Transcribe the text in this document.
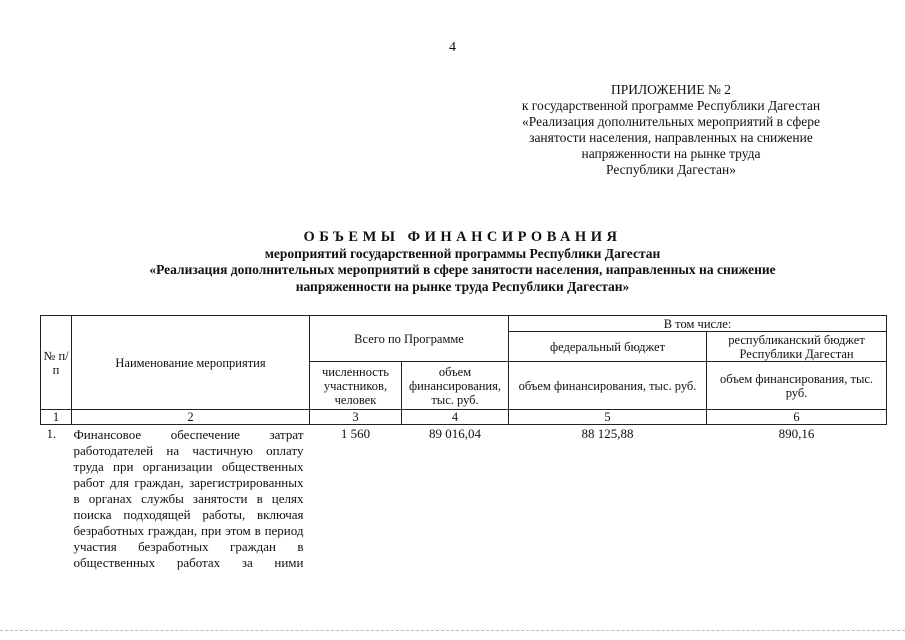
4
ПРИЛОЖЕНИЕ № 2
к государственной программе Республики Дагестан
«Реализация дополнительных мероприятий в сфере
занятости населения, направленных на снижение
напряженности на рынке труда
Республики Дагестан»
ОБЪЕМЫ ФИНАНСИРОВАНИЯ
мероприятий государственной программы Республики Дагестан
«Реализация дополнительных мероприятий в сфере занятости населения, направленных на снижение
напряженности на рынке труда Республики Дагестан»
№ п/п	Наименование мероприятия	Всего по Программе		В том числе:	
				федеральный бюджет	республиканский бюджет Республики Дагестан
		численность участников, человек	объем финансирования, тыс. руб.	объем финансирования, тыс. руб.	объем финансирования, тыс. руб.
1	2	3	4	5	6
1.	Финансовое обеспечение затрат работодателей на частичную оплату труда при организации общественных работ для граждан, зарегистрированных в органах службы занятости в целях поиска подходящей работы, включая безработных граждан, при этом в период участия безработных граждан в общественных работах за ними	1 560	89 016,04	88 125,88	890,16
